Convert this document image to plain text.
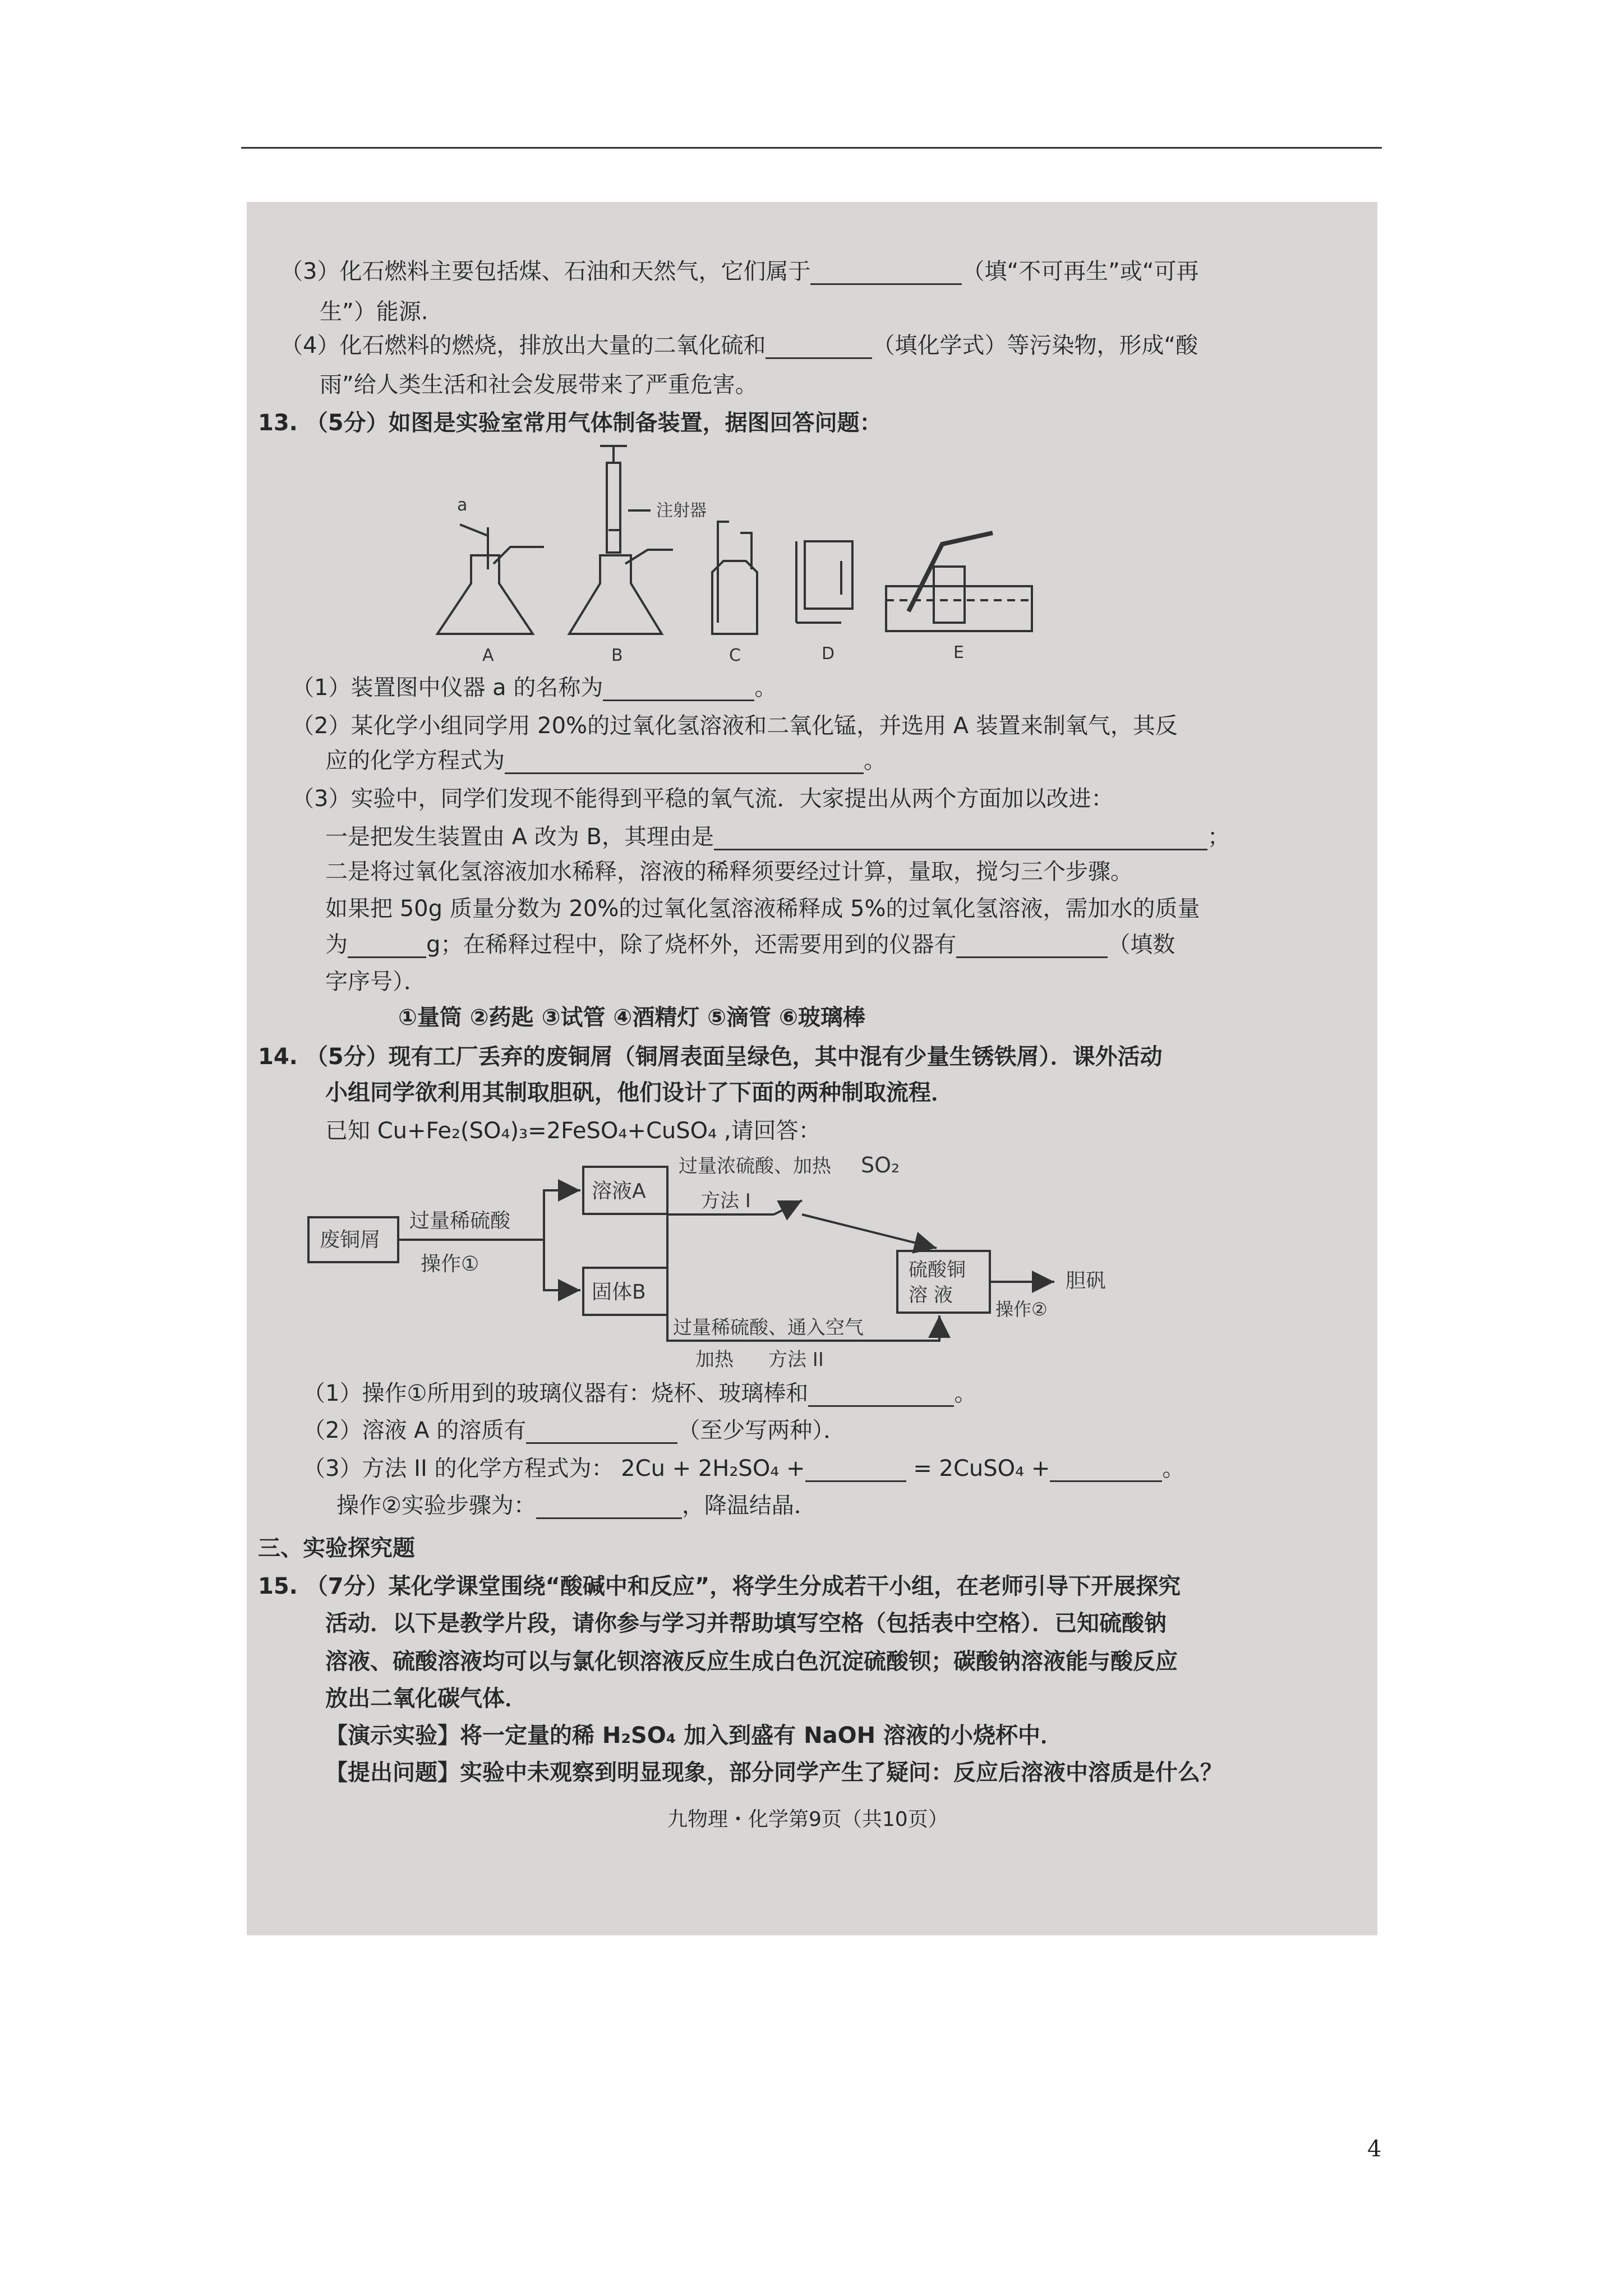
（3）化石燃料主要包括煤、石油和天然气，它们属于	（填“不可再生”或“可再
生”）能源.
（4）化石燃料的燃烧，排放出大量的二氧化硫和	（填化学式）等污染物，形成“酸
雨”给人类生活和社会发展带来了严重危害。
13. （5分）如图是实验室常用气体制备装置，据图回答问题：
a	注射器
A	B	C	D	E
（1）装置图中仪器 a 的名称为	。
（2）某化学小组同学用 20%的过氧化氢溶液和二氧化锰，并选用 A 装置来制氧气，其反
应的化学方程式为	。
（3）实验中，同学们发现不能得到平稳的氧气流．大家提出从两个方面加以改进：
一是把发生装置由 A 改为 B，其理由是	；
二是将过氧化氢溶液加水稀释，溶液的稀释须要经过计算，量取，搅匀三个步骤。
如果把 50g 质量分数为 20%的过氧化氢溶液稀释成 5%的过氧化氢溶液，需加水的质量
为	g；在稀释过程中，除了烧杯外，还需要用到的仪器有	（填数
字序号）．
①量筒 ②药匙 ③试管 ④酒精灯 ⑤滴管 ⑥玻璃棒
14. （5分）现有工厂丢弃的废铜屑（铜屑表面呈绿色，其中混有少量生锈铁屑）．课外活动
小组同学欲利用其制取胆矾，他们设计了下面的两种制取流程．
已知 Cu+Fe₂(SO₄)₃=2FeSO₄+CuSO₄ ,请回答：
废铜屑
过量稀硫酸
操作①
溶液A
固体B
过量浓硫酸、加热
方法 I
SO₂
硫酸铜
溶 液
胆矾
操作②
过量稀硫酸、通入空气
加热 方法 II
（1）操作①所用到的玻璃仪器有：烧杯、玻璃棒和	。
（2）溶液 A 的溶质有	（至少写两种）．
（3）方法 II 的化学方程式为： 2Cu + 2H₂SO₄ +	= 2CuSO₄ +	。
操作②实验步骤为：	，降温结晶．
三、实验探究题
15. （7分）某化学课堂围绕“酸碱中和反应”，将学生分成若干小组，在老师引导下开展探究
活动．以下是教学片段，请你参与学习并帮助填写空格（包括表中空格）．已知硫酸钠
溶液、硫酸溶液均可以与氯化钡溶液反应生成白色沉淀硫酸钡；碳酸钠溶液能与酸反应
放出二氧化碳气体．
【演示实验】将一定量的稀 H₂SO₄ 加入到盛有 NaOH 溶液的小烧杯中．
【提出问题】实验中未观察到明显现象，部分同学产生了疑问：反应后溶液中溶质是什么？
九物理・化学第9页（共10页）
4
